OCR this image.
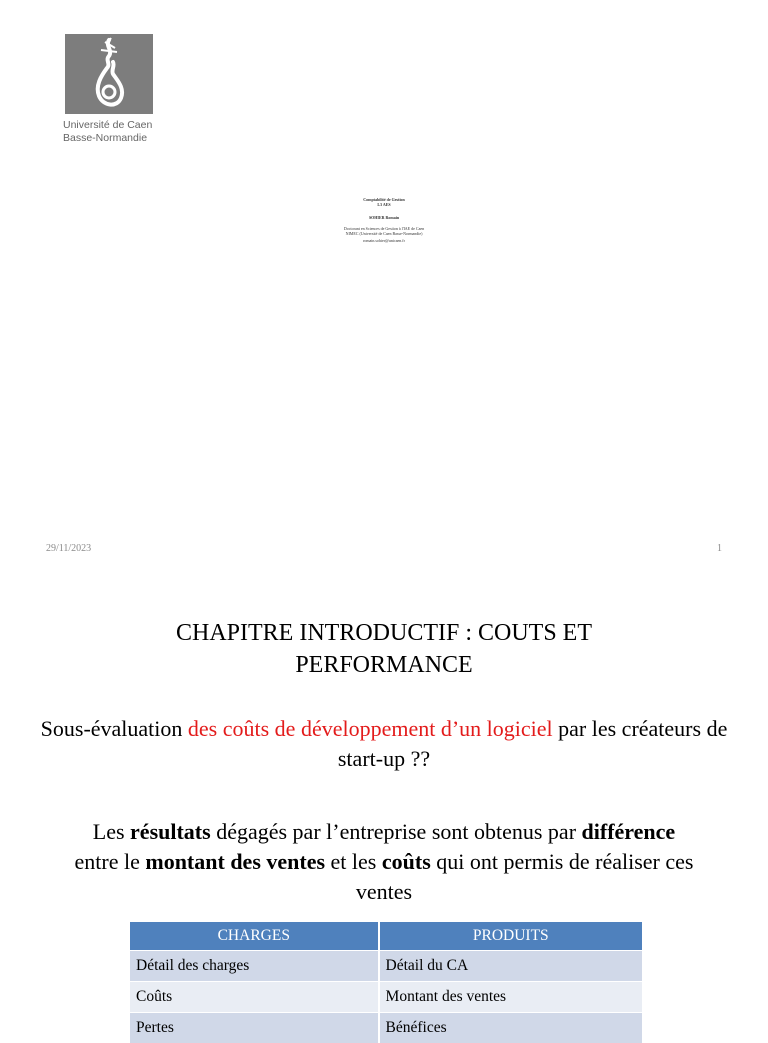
Université de Caen
Basse-Normandie
Comptabilité de Gestion
L3 AES
SOHIER Romain
Doctorant en Sciences de Gestion à l'IAE de Caen
NIMEC (Université de Caen Basse-Normandie)
romain.sohier@unicaen.fr
29/11/2023	1
CHAPITRE INTRODUCTIF : COUTS ET
PERFORMANCE
Sous-évaluation des coûts de développement d’un logiciel par les créateurs de start-up ??
Les résultats dégagés par l’entreprise sont obtenus par différence entre le montant des ventes et les coûts qui ont permis de réaliser ces ventes
CHARGES	PRODUITS
Détail des charges	Détail du CA
Coûts	Montant des ventes
Pertes	Bénéfices
